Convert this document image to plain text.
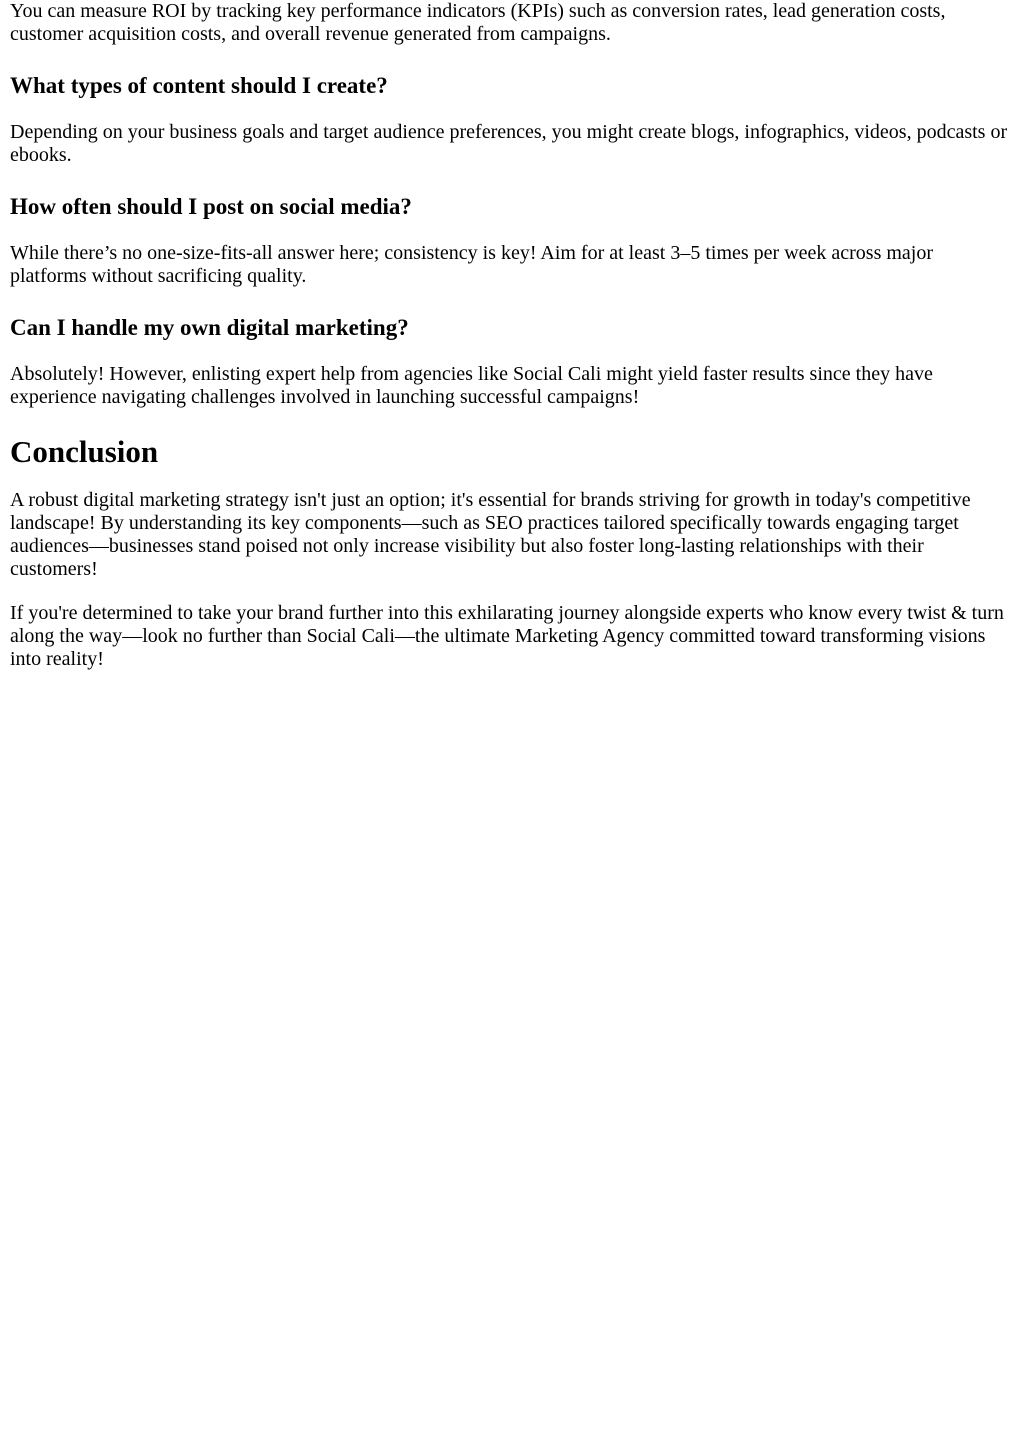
You can measure ROI by tracking key performance indicators (KPIs) such as conversion rates, lead generation costs, customer acquisition costs, and overall revenue generated from campaigns.

What types of content should I create?

Depending on your business goals and target audience preferences, you might create blogs, infographics, videos, podcasts or ebooks.

How often should I post on social media?

While there’s no one-size-fits-all answer here; consistency is key! Aim for at least 3–5 times per week across major platforms without sacrificing quality.

Can I handle my own digital marketing?

Absolutely! However, enlisting expert help from agencies like Social Cali might yield faster results since they have experience navigating challenges involved in launching successful campaigns!

Conclusion

A robust digital marketing strategy isn't just an option; it's essential for brands striving for growth in today's competitive landscape! By understanding its key components—such as SEO practices tailored specifically towards engaging target audiences—businesses stand poised not only increase visibility but also foster long-lasting relationships with their customers!

If you're determined to take your brand further into this exhilarating journey alongside experts who know every twist & turn along the way—look no further than Social Cali—the ultimate Marketing Agency committed toward transforming visions into reality!
